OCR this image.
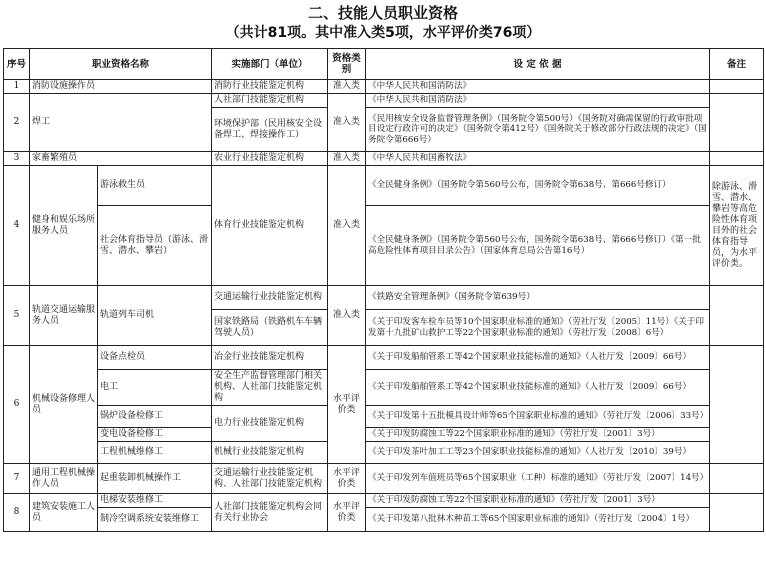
二、技能人员职业资格
（共计81项。其中准入类5项，水平评价类76项）
序号	职业资格名称		实施部门（单位）	资格类别	设 定 依 据	备注
1	消防设施操作员		消防行业技能鉴定机构	准入类	《中华人民共和国消防法》	
2	焊工		人社部门技能鉴定机构	准入类	《中华人民共和国消防法》	
			环境保护部（民用核安全设备焊工、焊接操作工）		《民用核安全设备监督管理条例》（国务院令第500号）《国务院对确需保留的行政审批项目设定行政许可的决定》（国务院令第412号）《国务院关于修改部分行政法规的决定》（国务院令第666号）	
3	家畜繁殖员		农业行业技能鉴定机构	准入类	《中华人民共和国畜牧法》	
4	健身和娱乐场所服务人员	游泳救生员	体育行业技能鉴定机构	准入类	《全民健身条例》（国务院令第560号公布，国务院令第638号、第666号修订）	除游泳、滑雪、潜水、攀岩等高危险性体育项目外的社会体育指导员，为水平评价类。
		社会体育指导员（游泳、滑雪、潜水、攀岩）			《全民健身条例》（国务院令第560号公布，国务院令第638号、第666号修订）《第一批高危险性体育项目目录公告》（国家体育总局公告第16号）	
5	轨道交通运输服务人员	轨道列车司机	交通运输行业技能鉴定机构	准入类	《铁路安全管理条例》（国务院令第639号）	
			国家铁路局（铁路机车车辆驾驶人员）		《关于印发客车检车员等10个国家职业标准的通知》（劳社厅发〔2005〕11号）《关于印发第十九批矿山救护工等22个国家职业标准的通知》（劳社厅发〔2008〕6号）	
6	机械设备修理人员	设备点检员	冶金行业技能鉴定机构	水平评价类	《关于印发船舶管系工等42个国家职业技能标准的通知》（人社厅发〔2009〕66号）	
		电工	安全生产监督管理部门相关机构、人社部门技能鉴定机构		《关于印发船舶管系工等42个国家职业技能标准的通知》（人社厅发〔2009〕66号）	
		锅炉设备检修工	电力行业技能鉴定机构		《关于印发第十五批模具设计师等65个国家职业标准的通知》（劳社厅发〔2006〕33号）	
		变电设备检修工			《关于印发防腐蚀工等22个国家职业标准的通知》（劳社厅发〔2001〕3号）	
		工程机械维修工	机械行业技能鉴定机构		《关于印发茶叶加工工等23个国家职业技能标准的通知》（人社厅发〔2010〕39号）	
7	通用工程机械操作人员	起重装卸机械操作工	交通运输行业技能鉴定机构、人社部门技能鉴定机构	水平评价类	《关于印发列车值班员等65个国家职业（工种）标准的通知》（劳社厅发〔2007〕14号）	
8	建筑安装施工人员	电梯安装维修工	人社部门技能鉴定机构会同有关行业协会	水平评价类	《关于印发防腐蚀工等22个国家职业标准的通知》（劳社厅发〔2001〕3号）	
		制冷空调系统安装维修工			《关于印发第八批林木种苗工等65个国家职业标准的通知》（劳社厅发〔2004〕1号）	
